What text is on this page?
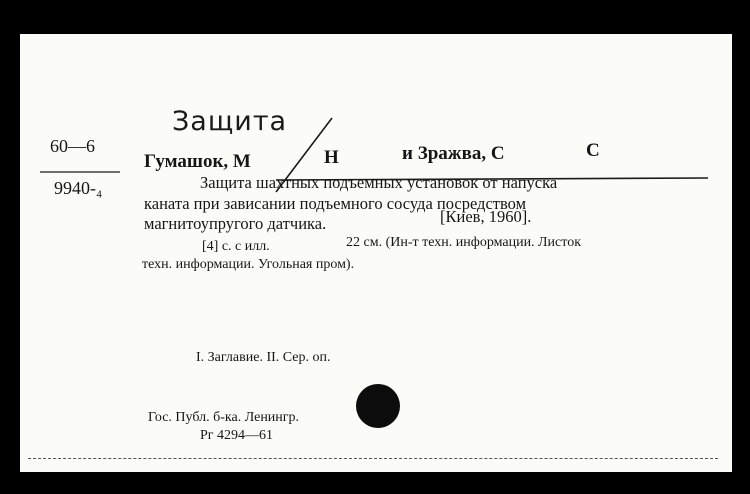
Защита
60—6
9940-₄
Гумашок, М	Н	и Зражва, С	С
Защита шахтных подъемных установок от напуска
каната при зависании подъемного сосуда посредством
магнитоупругого датчика.	[Киев, 1960].
[4] с. с илл.	22 см. (Ин-т техн. информации. Листок
техн. информации. Угольная пром).
I. Заглавие. II. Сер. оп.
Гос. Публ. б-ка. Ленингр.
Рг 4294—61
